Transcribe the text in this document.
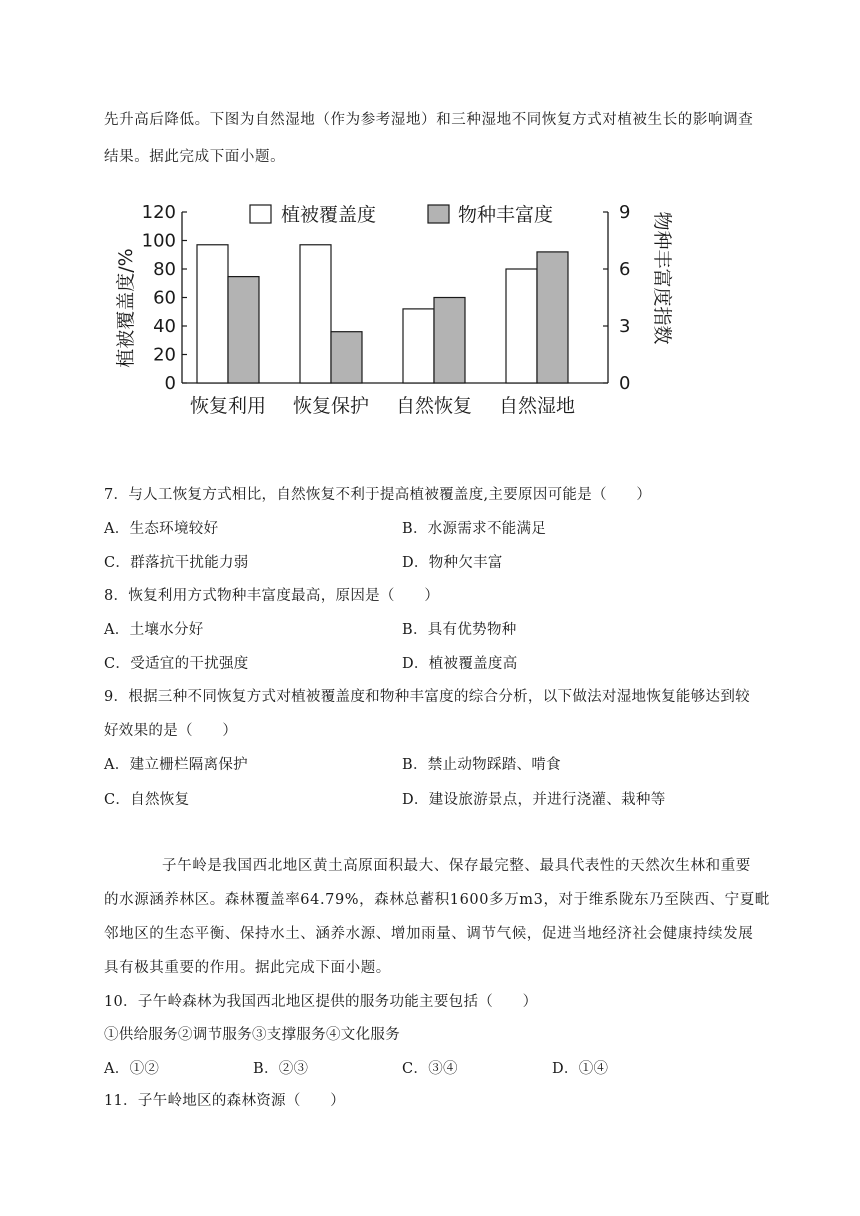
先升高后降低。下图为自然湿地（作为参考湿地）和三种湿地不同恢复方式对植被生长的影响调查
结果。据此完成下面小题。
0
20
40
60
80
100
120
0
3
6
9
恢复利用 恢复保护 自然恢复 自然湿地
植被覆盖度	物种丰富度
植被覆盖度/%	物种丰富度指数
7．与人工恢复方式相比，自然恢复不利于提高植被覆盖度,主要原因可能是（　　）
A．生态环境较好	B．水源需求不能满足
C．群落抗干扰能力弱	D．物种欠丰富
8．恢复利用方式物种丰富度最高，原因是（　　）
A．土壤水分好	B．具有优势物种
C．受适宜的干扰强度	D．植被覆盖度高
9．根据三种不同恢复方式对植被覆盖度和物种丰富度的综合分析，以下做法对湿地恢复能够达到较
好效果的是（　　）
A．建立栅栏隔离保护	B．禁止动物踩踏、啃食
C．自然恢复	D．建设旅游景点，并进行浇灌、栽种等
子午岭是我国西北地区黄土高原面积最大、保存最完整、最具代表性的天然次生林和重要
的水源涵养林区。森林覆盖率64.79%，森林总蓄积1600多万m3，对于维系陇东乃至陕西、宁夏毗
邻地区的生态平衡、保持水土、涵养水源、增加雨量、调节气候，促进当地经济社会健康持续发展
具有极其重要的作用。据此完成下面小题。
10．子午岭森林为我国西北地区提供的服务功能主要包括（　　）
①供给服务②调节服务③支撑服务④文化服务
A．①②	B．②③	C．③④	D．①④
11．子午岭地区的森林资源（　　）
